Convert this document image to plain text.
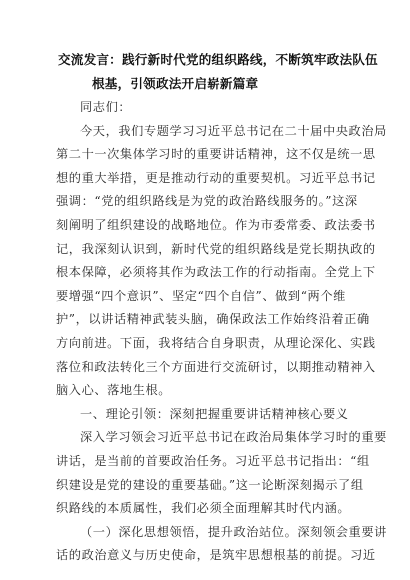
交流发言：践行新时代党的组织路线，不断筑牢政法队伍
根基，引领政法开启崭新篇章
同志们：
今天，我们专题学习习近平总书记在二十届中央政治局
第二十一次集体学习时的重要讲话精神，这不仅是统一思
想的重大举措，更是推动行动的重要契机。习近平总书记
强调：“党的组织路线是为党的政治路线服务的。”这深
刻阐明了组织建设的战略地位。作为市委常委、政法委书
记，我深刻认识到，新时代党的组织路线是党长期执政的
根本保障，必须将其作为政法工作的行动指南。全党上下
要增强“四个意识”、坚定“四个自信”、做到“两个维
护”，以讲话精神武装头脑，确保政法工作始终沿着正确
方向前进。下面，我将结合自身职责，从理论深化、实践
落位和政法转化三个方面进行交流研讨，以期推动精神入
脑入心、落地生根。
一、理论引领：深刻把握重要讲话精神核心要义
深入学习领会习近平总书记在政治局集体学习时的重要
讲话，是当前的首要政治任务。习近平总书记指出：“组
织建设是党的建设的重要基础。”这一论断深刻揭示了组
织路线的本质属性，我们必须全面理解其时代内涵。
（一）深化思想领悟，提升政治站位。深刻领会重要讲
话的政治意义与历史使命，是筑牢思想根基的前提。习近
